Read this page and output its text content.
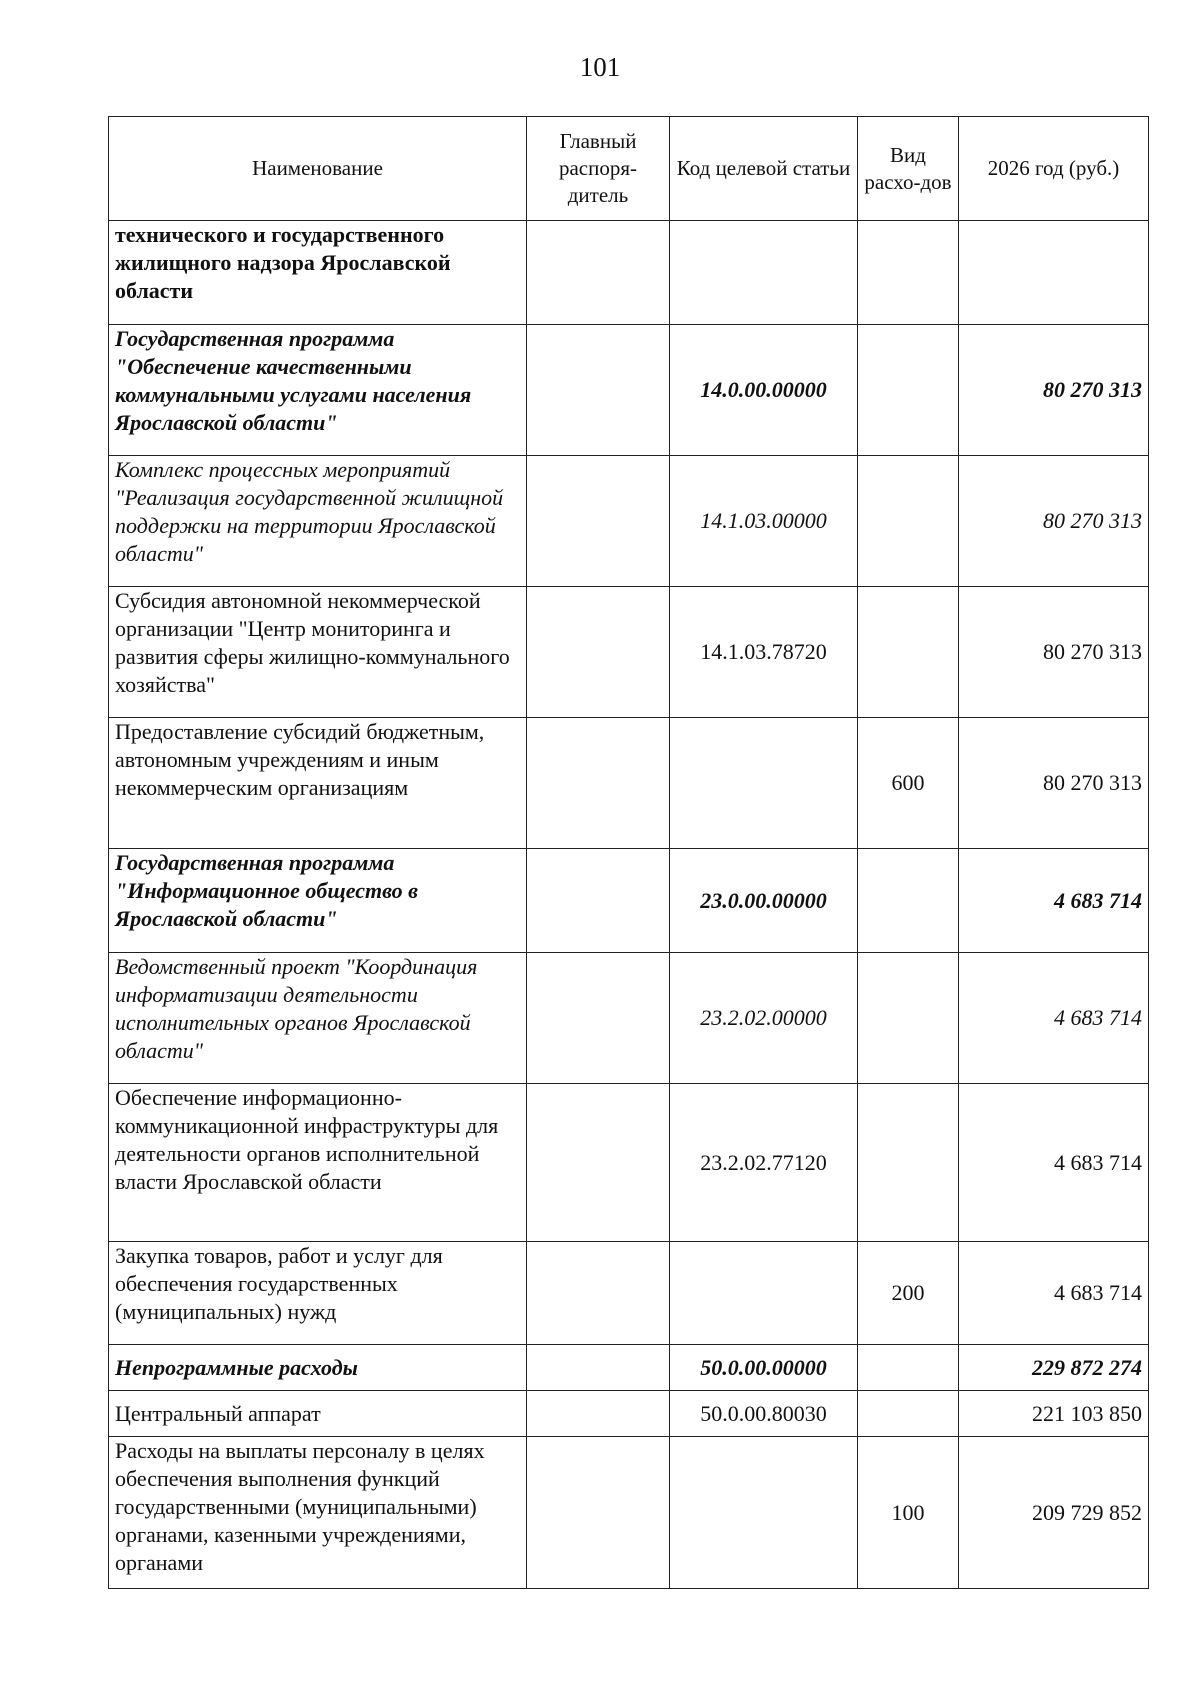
101
Наименование	Главный распоря-дитель	Код целевой статьи	Вид расхо-дов	2026 год (руб.)
технического и государственного жилищного надзора Ярославской области				
Государственная программа "Обеспечение качественными коммунальными услугами населения Ярославской области"		14.0.00.00000		80 270 313
Комплекс процессных мероприятий "Реализация государственной жилищной поддержки на территории Ярославской области"		14.1.03.00000		80 270 313
Субсидия автономной некоммерческой организации "Центр мониторинга и развития сферы жилищно-коммунального хозяйства"		14.1.03.78720		80 270 313
Предоставление субсидий бюджетным, автономным учреждениям и иным некоммерческим организациям			600	80 270 313
Государственная программа "Информационное общество в Ярославской области"		23.0.00.00000		4 683 714
Ведомственный проект "Координация информатизации деятельности исполнительных органов Ярославской области"		23.2.02.00000		4 683 714
Обеспечение информационно-коммуникационной инфраструктуры для деятельности органов исполнительной власти Ярославской области		23.2.02.77120		4 683 714
Закупка товаров, работ и услуг для обеспечения государственных (муниципальных) нужд			200	4 683 714
Непрограммные расходы		50.0.00.00000		229 872 274
Центральный аппарат		50.0.00.80030		221 103 850
Расходы на выплаты персоналу в целях обеспечения выполнения функций государственными (муниципальными) органами, казенными учреждениями, органами			100	209 729 852
